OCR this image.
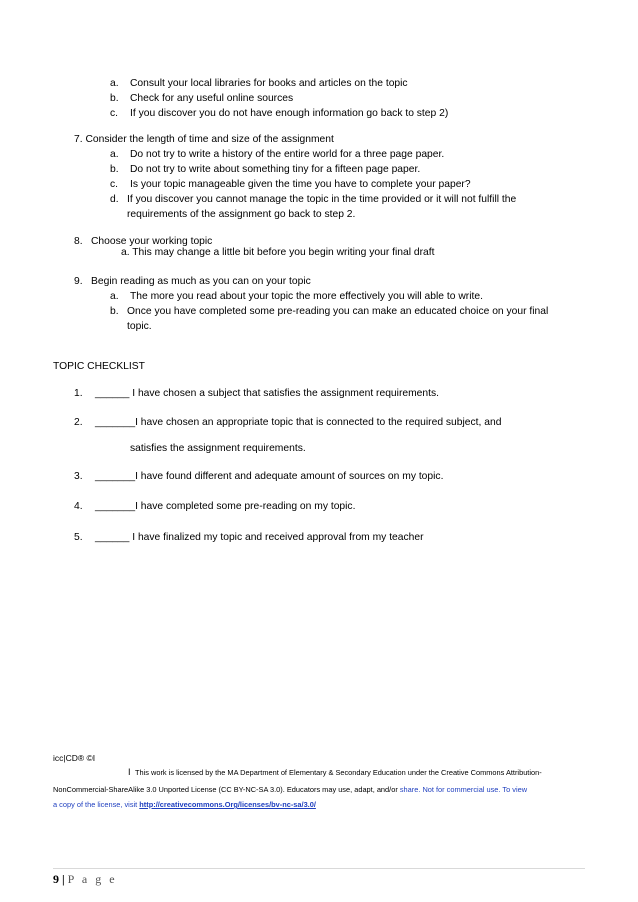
a. Consult your local libraries for books and articles on the topic
b. Check for any useful online sources
c. If you discover you do not have enough information go back to step 2)
7. Consider the length of time and size of the assignment
a. Do not try to write a history of the entire world for a three page paper.
b. Do not try to write about something tiny for a fifteen page paper.
c. Is your topic manageable given the time you have to complete your paper?
d. If you discover you cannot manage the topic in the time provided or it will not fulfill the
requirements of the assignment go back to step 2.
8. Choose your working topic
a. This may change a little bit before you begin writing your final draft
9. Begin reading as much as you can on your topic
a. The more you read about your topic the more effectively you will able to write.
b. Once you have completed some pre-reading you can make an educated choice on your final
topic.
TOPIC CHECKLIST
1. ______ I have chosen a subject that satisfies the assignment requirements.
2. _______I have chosen an appropriate topic that is connected to the required subject, and
satisfies the assignment requirements.
3. _______I have found different and adequate amount of sources on my topic.
4. _______I have completed some pre-reading on my topic.
5. ______ I have finalized my topic and received approval from my teacher
icc|CD® ©I
I This work is licensed by the MA Department of Elementary & Secondary Education under the Creative Commons Attribution-
NonCommercial-ShareAlike 3.0 Unported License (CC BY-NC-SA 3.0). Educators may use, adapt, and/or share. Not for commercial use. To view
a copy of the license, visit http://creativecommons.Org/licenses/bv-nc-sa/3.0/
9 | P a g e
